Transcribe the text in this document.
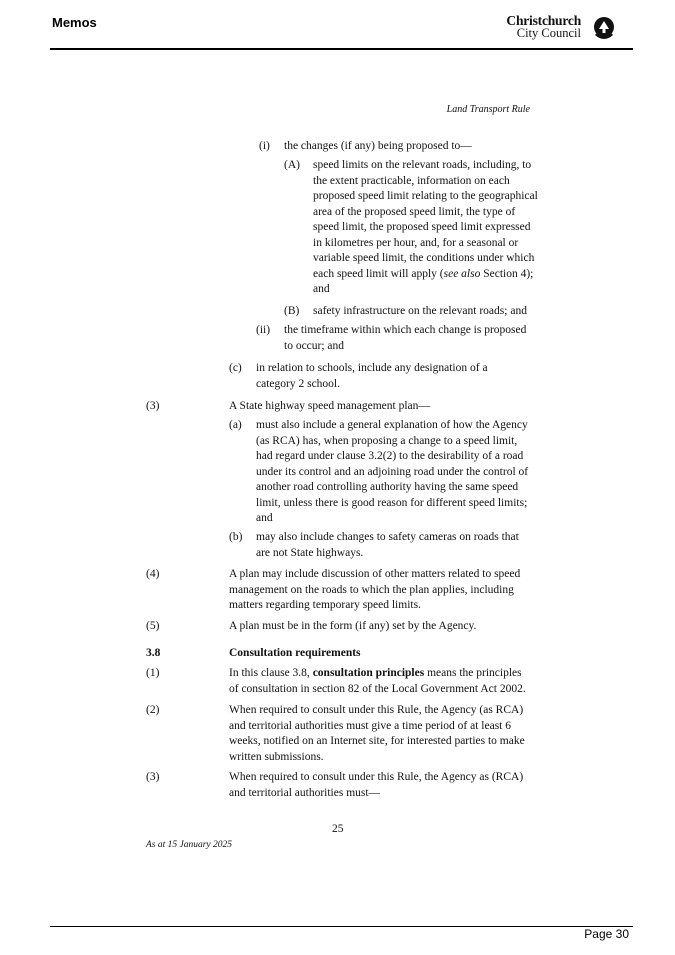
Memos	Christchurch
City Council
Land Transport Rule
(i) the changes (if any) being proposed to—
(A) speed limits on the relevant roads, including, to the extent practicable, information on each proposed speed limit relating to the geographical area of the proposed speed limit, the type of speed limit, the proposed speed limit expressed in kilometres per hour, and, for a seasonal or variable speed limit, the conditions under which each speed limit will apply (see also Section 4); and
(B) safety infrastructure on the relevant roads; and
(ii) the timeframe within which each change is proposed to occur; and
(c) in relation to schools, include any designation of a category 2 school.
(3)	A State highway speed management plan—
(a) must also include a general explanation of how the Agency (as RCA) has, when proposing a change to a speed limit, had regard under clause 3.2(2) to the desirability of a road under its control and an adjoining road under the control of another road controlling authority having the same speed limit, unless there is good reason for different speed limits; and
(b) may also include changes to safety cameras on roads that are not State highways.
(4)	A plan may include discussion of other matters related to speed management on the roads to which the plan applies, including matters regarding temporary speed limits.
(5)	A plan must be in the form (if any) set by the Agency.
3.8	Consultation requirements
(1)	In this clause 3.8, consultation principles means the principles of consultation in section 82 of the Local Government Act 2002.
(2)	When required to consult under this Rule, the Agency (as RCA) and territorial authorities must give a time period of at least 6 weeks, notified on an Internet site, for interested parties to make written submissions.
(3)	When required to consult under this Rule, the Agency as (RCA) and territorial authorities must—
25
As at 15 January 2025
Page 30
